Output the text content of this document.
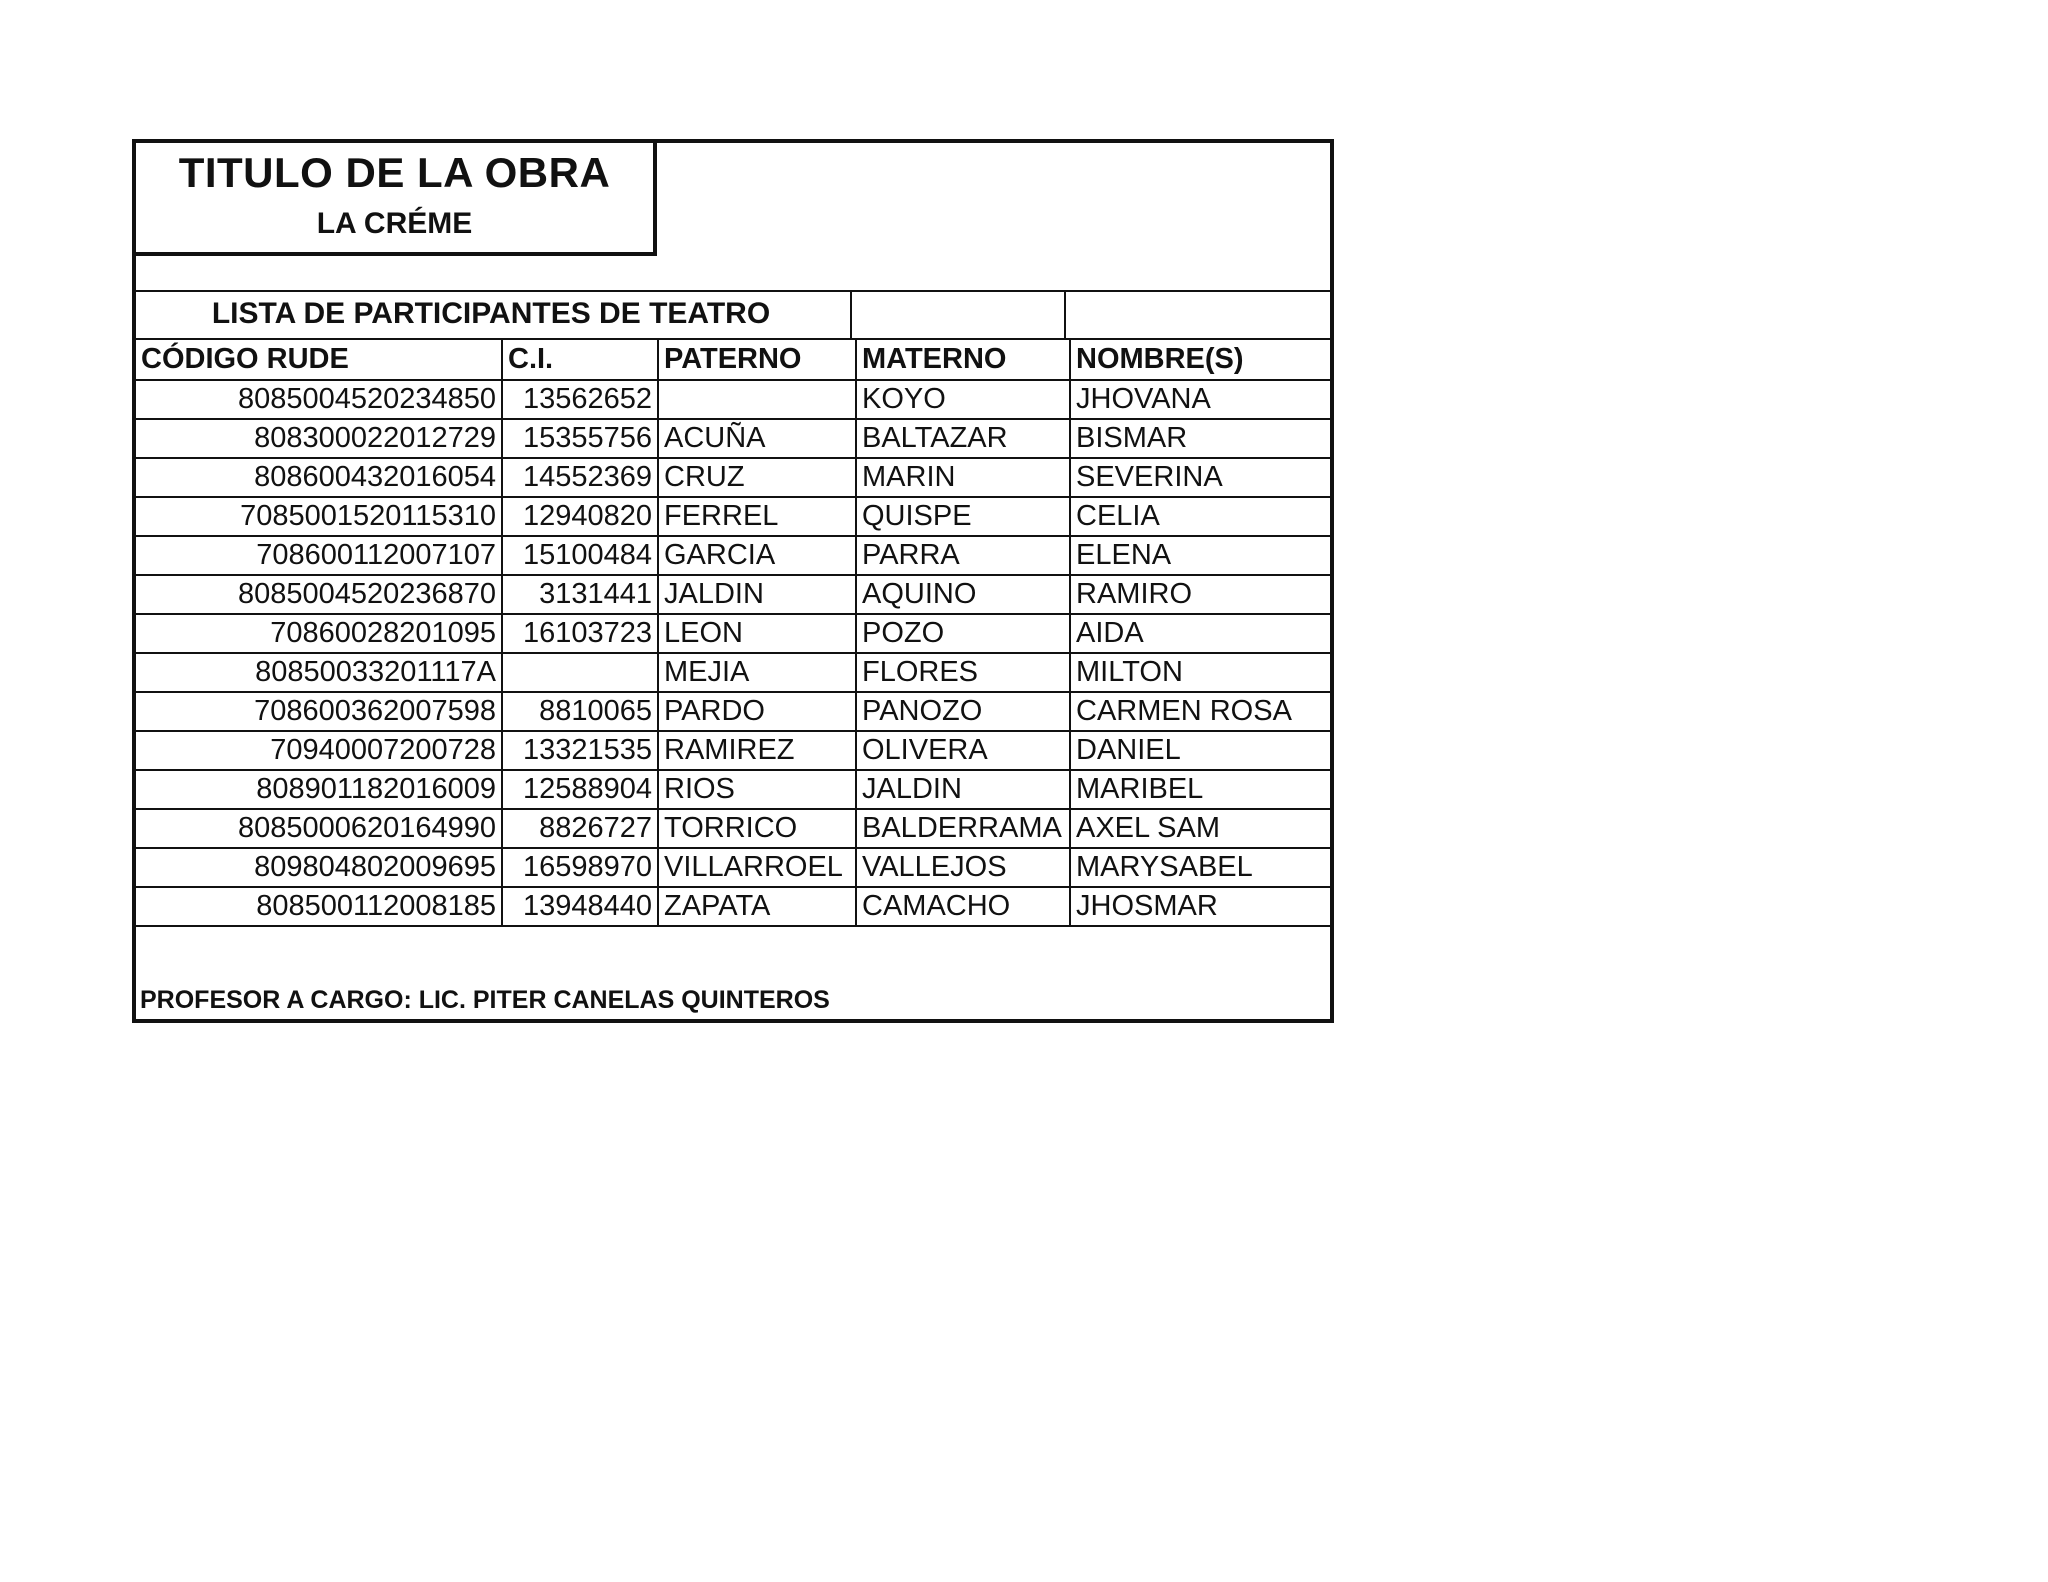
TITULO DE LA OBRA
LA CRÉME
LISTA DE PARTICIPANTES DE TEATRO
CÓDIGO RUDE	C.I.	PATERNO	MATERNO	NOMBRE(S)
8085004520234850	13562652		KOYO	JHOVANA
808300022012729	15355756	ACUÑA	BALTAZAR	BISMAR
808600432016054	14552369	CRUZ	MARIN	SEVERINA
7085001520115310	12940820	FERREL	QUISPE	CELIA
708600112007107	15100484	GARCIA	PARRA	ELENA
8085004520236870	3131441	JALDIN	AQUINO	RAMIRO
70860028201095	16103723	LEON	POZO	AIDA
80850033201117A		MEJIA	FLORES	MILTON
708600362007598	8810065	PARDO	PANOZO	CARMEN ROSA
70940007200728	13321535	RAMIREZ	OLIVERA	DANIEL
808901182016009	12588904	RIOS	JALDIN	MARIBEL
8085000620164990	8826727	TORRICO	BALDERRAMA	AXEL SAM
809804802009695	16598970	VILLARROEL	VALLEJOS	MARYSABEL
808500112008185	13948440	ZAPATA	CAMACHO	JHOSMAR
PROFESOR A CARGO: LIC. PITER CANELAS QUINTEROS
